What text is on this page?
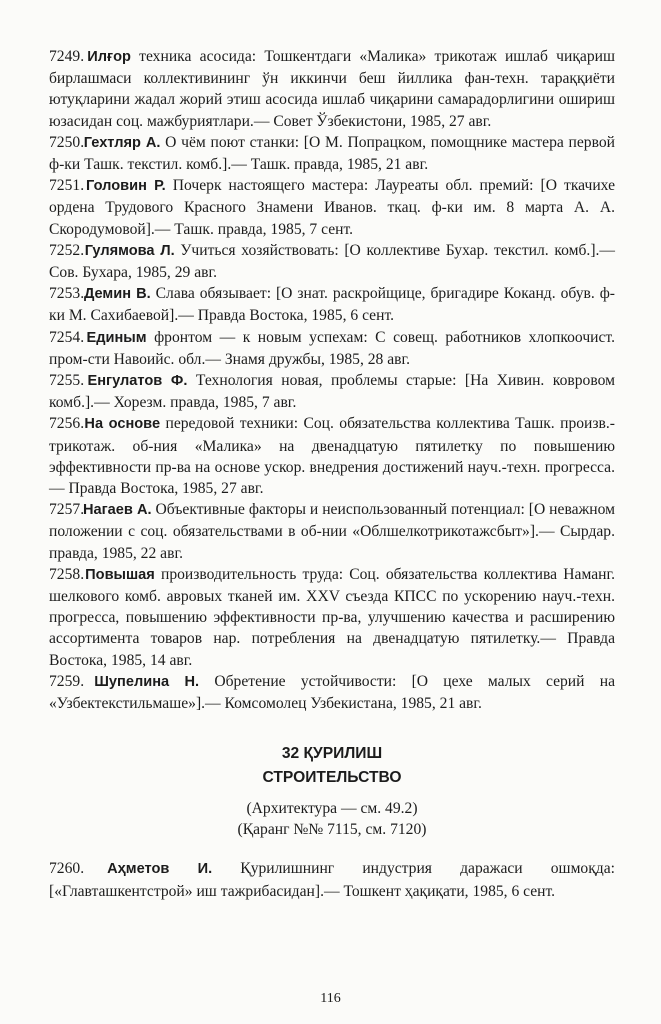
7249. Илғор техника асосида: Тошкентдаги «Малика» трикотаж ишлаб чиқариш бирлашмаси коллективининг ўн иккинчи беш йиллика фан-техн. тараққиёти ютуқларини жадал жорий этиш асосида ишлаб чиқарини самарадорлигини ошириш юзасидан соц. мажбуриятлари.— Совет Ўзбекистони, 1985, 27 авг.

7250. Гехтляр А. О чём поют станки: [О М. Попрацком, помощнике мастера первой ф-ки Ташк. текстил. комб.].— Ташк. правда, 1985, 21 авг.

7251. Головин Р. Почерк настоящего мастера: Лауреаты обл. премий: [О ткачихе ордена Трудового Красного Знамени Иванов. ткац. ф-ки им. 8 марта А. А. Скородумовой].— Ташк. правда, 1985, 7 сент.

7252. Гулямова Л. Учиться хозяйствовать: [О коллективе Бухар. текстил. комб.].— Сов. Бухара, 1985, 29 авг.

7253. Демин В. Слава обязывает: [О знат. раскройщице, бригадире Коканд. обув. ф-ки М. Сахибаевой].— Правда Востока, 1985, 6 сент.

7254. Единым фронтом — к новым успехам: С совещ. работников хлопкоочист. пром-сти Навоийс. обл.— Знамя дружбы, 1985, 28 авг.

7255. Енгулатов Ф. Технология новая, проблемы старые: [На Хивин. ковровом комб.].— Хорезм. правда, 1985, 7 авг.

7256. На основе передовой техники: Соц. обязательства коллектива Ташк. произв.-трикотаж. об-ния «Малика» на двенадцатую пятилетку по повышению эффективности пр-ва на основе ускор. внедрения достижений науч.-техн. прогресса.— Правда Востока, 1985, 27 авг.

7257. Нагаев А. Объективные факторы и неиспользованный потенциал: [О неважном положении с соц. обязательствами в об-нии «Облшелкотрикотажсбыт»].— Сырдар. правда, 1985, 22 авг.

7258. Повышая производительность труда: Соц. обязательства коллектива Наманг. шелкового комб. авровых тканей им. XXV съезда КПСС по ускорению науч.-техн. прогресса, повышению эффективности пр-ва, улучшению качества и расширению ассортимента товаров нар. потребления на двенадцатую пятилетку.— Правда Востока, 1985, 14 авг.

7259. Шупелина Н. Обретение устойчивости: [О цехе малых серий на «Узбектекстильмаше»].— Комсомолец Узбекистана, 1985, 21 авг.

32 ҚУРИЛИШ

СТРОИТЕЛЬСТВО

(Архитектура — см. 49.2)

(Қаранг №№ 7115, см. 7120)

7260. Аҳметов И. Қурилишнинг индустрия даражаси ошмоқда: [«Главташкентстрой» иш тажрибасидан].— Тошкент ҳақиқати, 1985, 6 сент.

116
